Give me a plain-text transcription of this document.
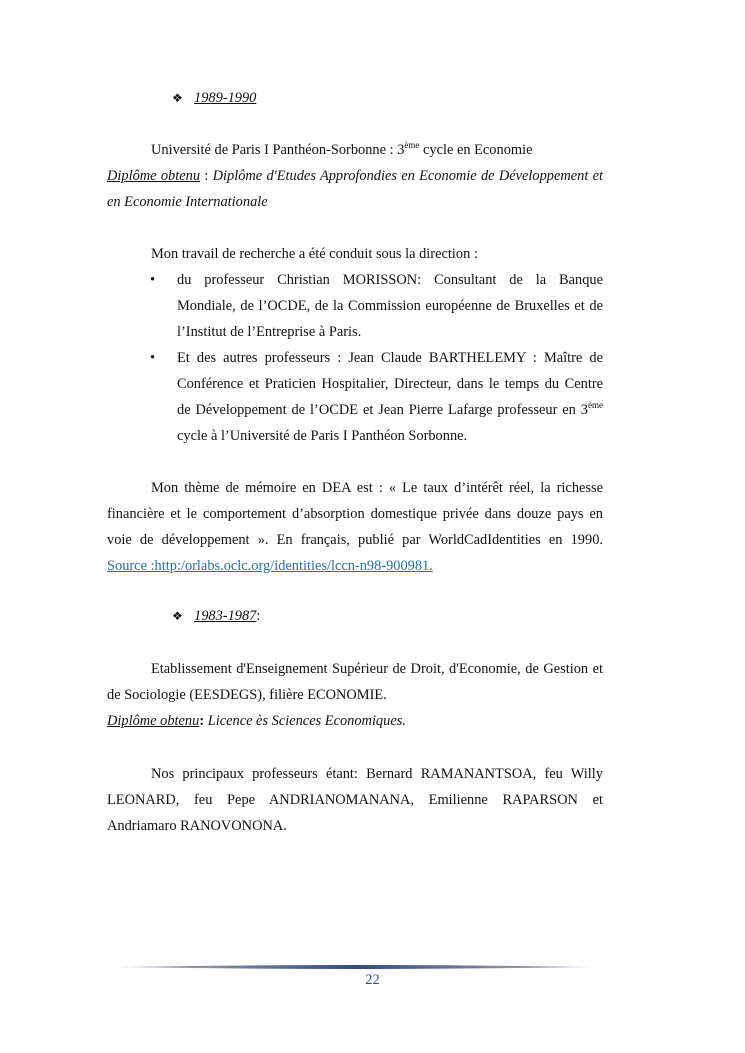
❖ 1989-1990
Université de Paris I Panthéon-Sorbonne : 3ème cycle en Economie
Diplôme obtenu : Diplôme d'Etudes Approfondies en Economie de Développement et
en Economie Internationale
Mon travail de recherche a été conduit sous la direction :
•	du professeur Christian MORISSON: Consultant de la Banque
Mondiale, de l’OCDE, de la Commission européenne de Bruxelles et de
l’Institut de l’Entreprise à Paris.
•	Et des autres professeurs : Jean Claude BARTHELEMY : Maître de
Conférence et Praticien Hospitalier, Directeur, dans le temps du Centre
de Développement de l’OCDE et Jean Pierre Lafarge professeur en 3ème
cycle à l’Université de Paris I Panthéon Sorbonne.
Mon thème de mémoire en DEA est : « Le taux d’intérêt réel, la richesse
financière et le comportement d’absorption domestique privée dans douze pays en
voie de développement ». En français, publié par WorldCadIdentities en 1990.
Source :http:/orlabs.oclc.org/identities/lccn-n98-900981.
❖ 1983-1987:
Etablissement d'Enseignement Supérieur de Droit, d'Economie, de Gestion et
de Sociologie (EESDEGS), filière ECONOMIE.
Diplôme obtenu: Licence ès Sciences Economiques.
Nos principaux professeurs étant: Bernard RAMANANTSOA, feu Willy
LEONARD, feu Pepe ANDRIANOMANANA, Emilienne RAPARSON et
Andriamaro RANOVONONA.
22
